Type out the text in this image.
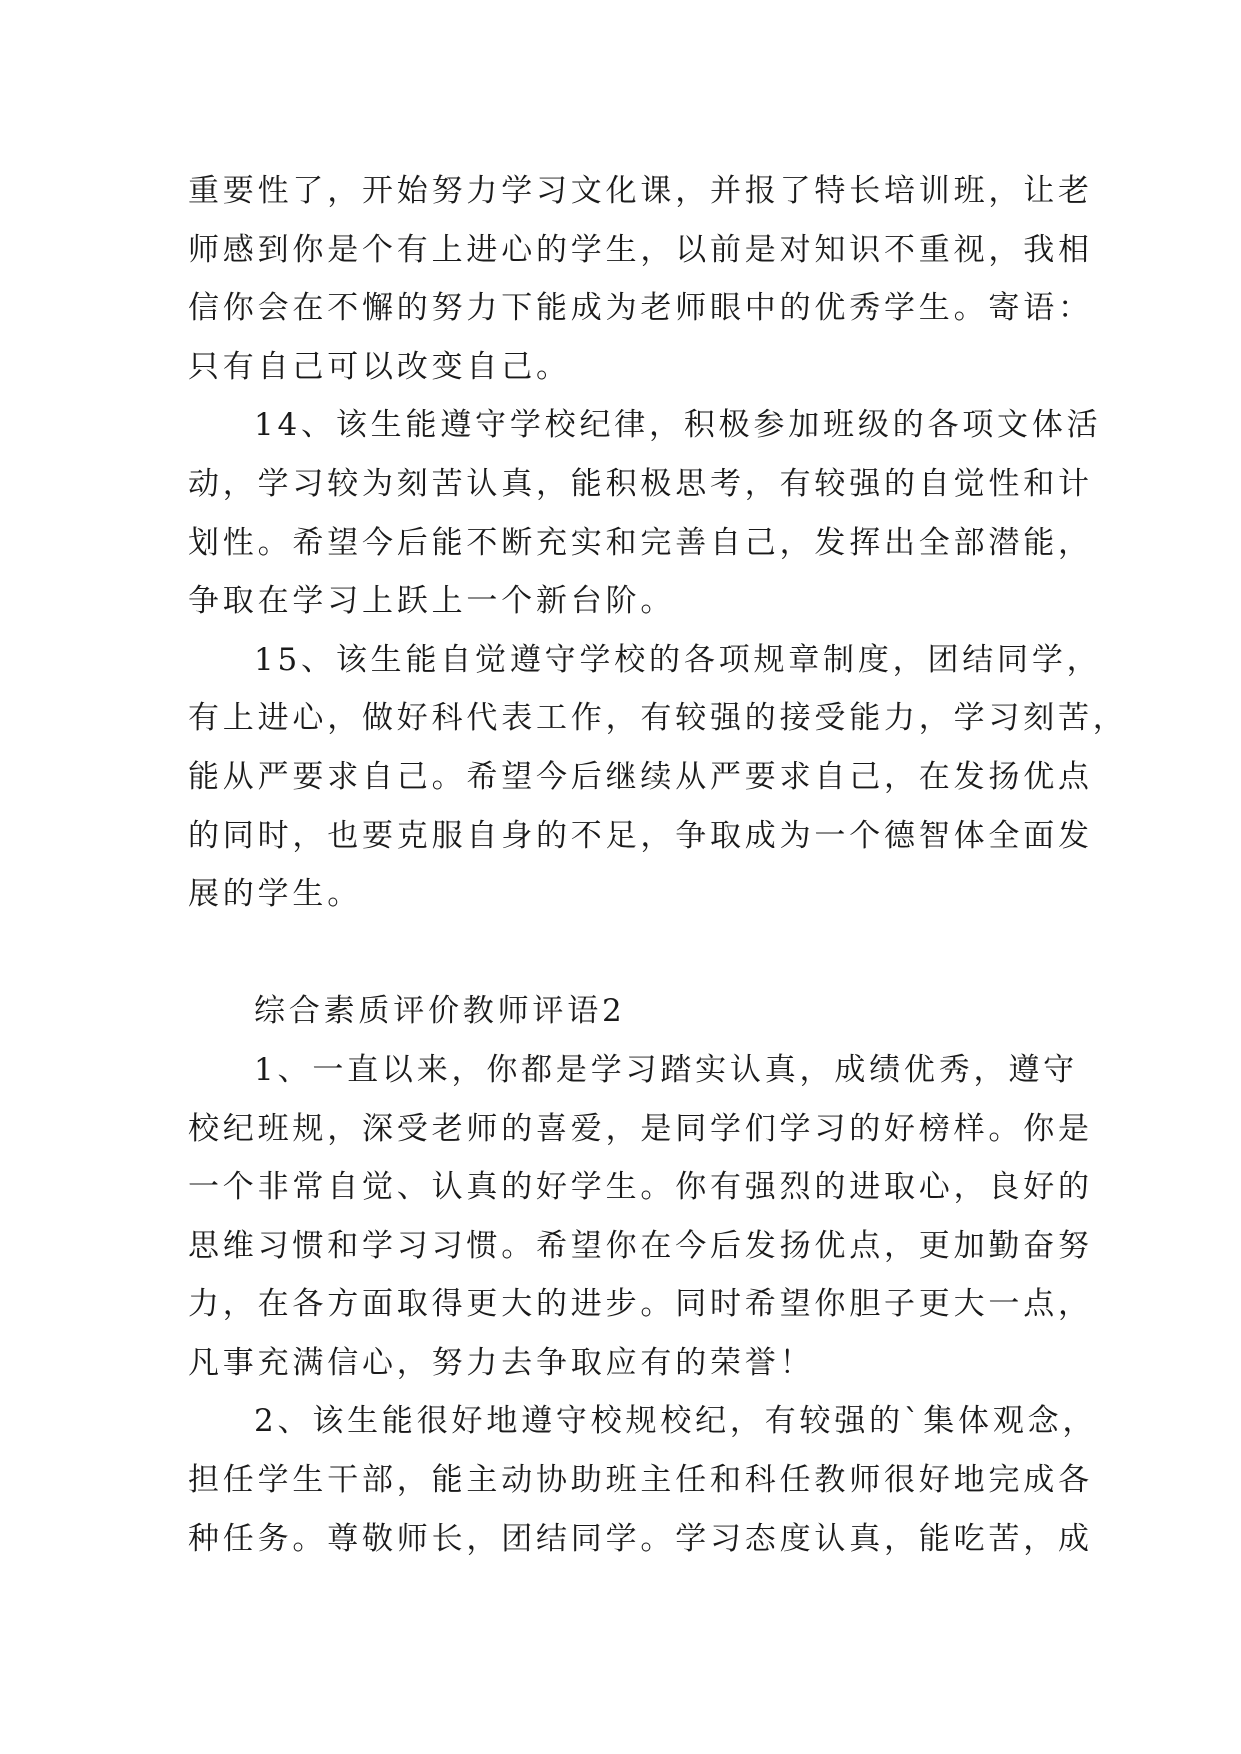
重要性了，开始努力学习文化课，并报了特长培训班，让老
师感到你是个有上进心的学生，以前是对知识不重视，我相
信你会在不懈的努力下能成为老师眼中的优秀学生。寄语：
只有自己可以改变自己。
14、该生能遵守学校纪律，积极参加班级的各项文体活
动，学习较为刻苦认真，能积极思考，有较强的自觉性和计
划性。希望今后能不断充实和完善自己，发挥出全部潜能，
争取在学习上跃上一个新台阶。
15、该生能自觉遵守学校的各项规章制度，团结同学，
有上进心，做好科代表工作，有较强的接受能力，学习刻苦，
能从严要求自己。希望今后继续从严要求自己，在发扬优点
的同时，也要克服自身的不足，争取成为一个德智体全面发
展的学生。
综合素质评价教师评语2
1、一直以来，你都是学习踏实认真，成绩优秀，遵守
校纪班规，深受老师的喜爱，是同学们学习的好榜样。你是
一个非常自觉、认真的好学生。你有强烈的进取心，良好的
思维习惯和学习习惯。希望你在今后发扬优点，更加勤奋努
力，在各方面取得更大的进步。同时希望你胆子更大一点，
凡事充满信心，努力去争取应有的荣誉！
2、该生能很好地遵守校规校纪，有较强的`集体观念，
担任学生干部，能主动协助班主任和科任教师很好地完成各
种任务。尊敬师长，团结同学。学习态度认真，能吃苦，成
